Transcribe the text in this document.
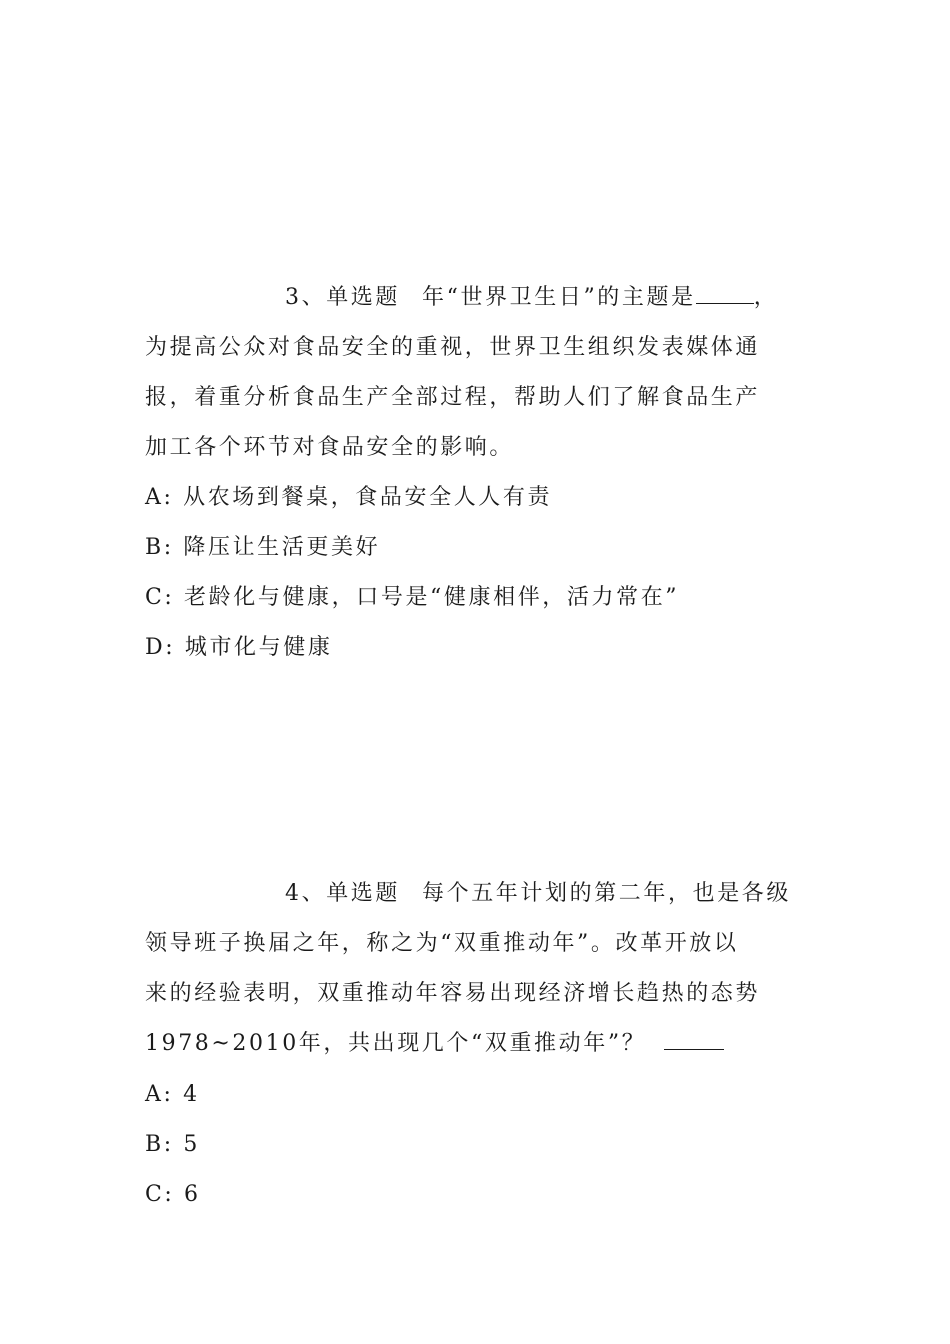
3、单选题 年“世界卫生日”的主题是	，
为提高公众对食品安全的重视，世界卫生组织发表媒体通
报，着重分析食品生产全部过程，帮助人们了解食品生产
加工各个环节对食品安全的影响。
A: 从农场到餐桌，食品安全人人有责
B: 降压让生活更美好
C: 老龄化与健康，口号是“健康相伴，活力常在”
D: 城市化与健康
4、单选题 每个五年计划的第二年，也是各级
领导班子换届之年，称之为“双重推动年”。改革开放以
来的经验表明，双重推动年容易出现经济增长趋热的态势
1978~2010年，共出现几个“双重推动年”？
A: 4
B: 5
C: 6
